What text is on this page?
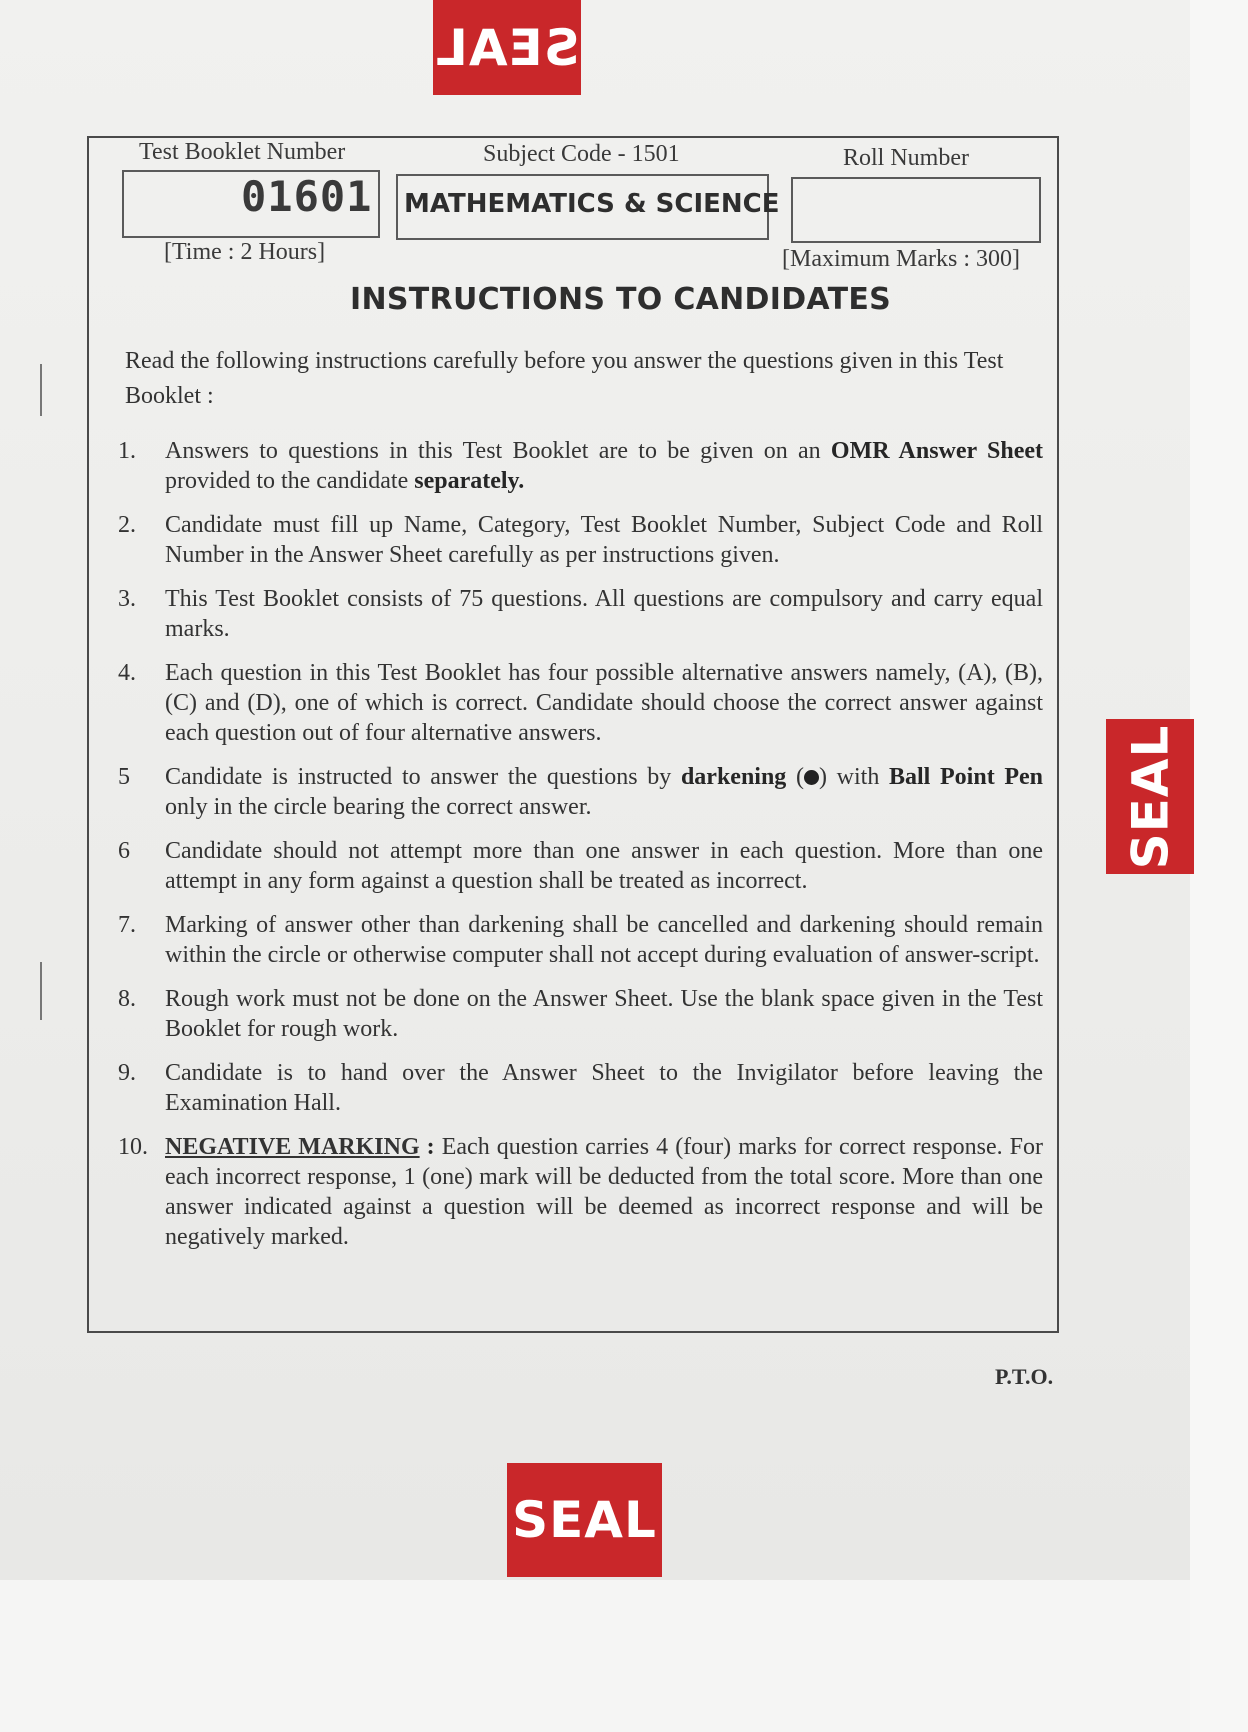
SEAL
SEAL
SEAL
Test Booklet Number
01601
Subject Code - 1501
MATHEMATICS & SCIENCE
Roll Number
[Time : 2 Hours]	[Maximum Marks : 300]
INSTRUCTIONS TO CANDIDATES
Read the following instructions carefully before you answer the questions given in this Test Booklet :
1. Answers to questions in this Test Booklet are to be given on an OMR Answer Sheet provided to the candidate separately.
2. Candidate must fill up Name, Category, Test Booklet Number, Subject Code and Roll Number in the Answer Sheet carefully as per instructions given.
3. This Test Booklet consists of 75 questions. All questions are compulsory and carry equal marks.
4. Each question in this Test Booklet has four possible alternative answers namely, (A), (B), (C) and (D), one of which is correct. Candidate should choose the correct answer against each question out of four alternative answers.
5 Candidate is instructed to answer the questions by darkening ( ) with Ball Point Pen only in the circle bearing the correct answer.
6 Candidate should not attempt more than one answer in each question. More than one attempt in any form against a question shall be treated as incorrect.
7. Marking of answer other than darkening shall be cancelled and darkening should remain within the circle or otherwise computer shall not accept during evaluation of answer-script.
8. Rough work must not be done on the Answer Sheet. Use the blank space given in the Test Booklet for rough work.
9. Candidate is to hand over the Answer Sheet to the Invigilator before leaving the Examination Hall.
10. NEGATIVE MARKING : Each question carries 4 (four) marks for correct response. For each incorrect response, 1 (one) mark will be deducted from the total score. More than one answer indicated against a question will be deemed as incorrect response and will be negatively marked.
P.T.O.
